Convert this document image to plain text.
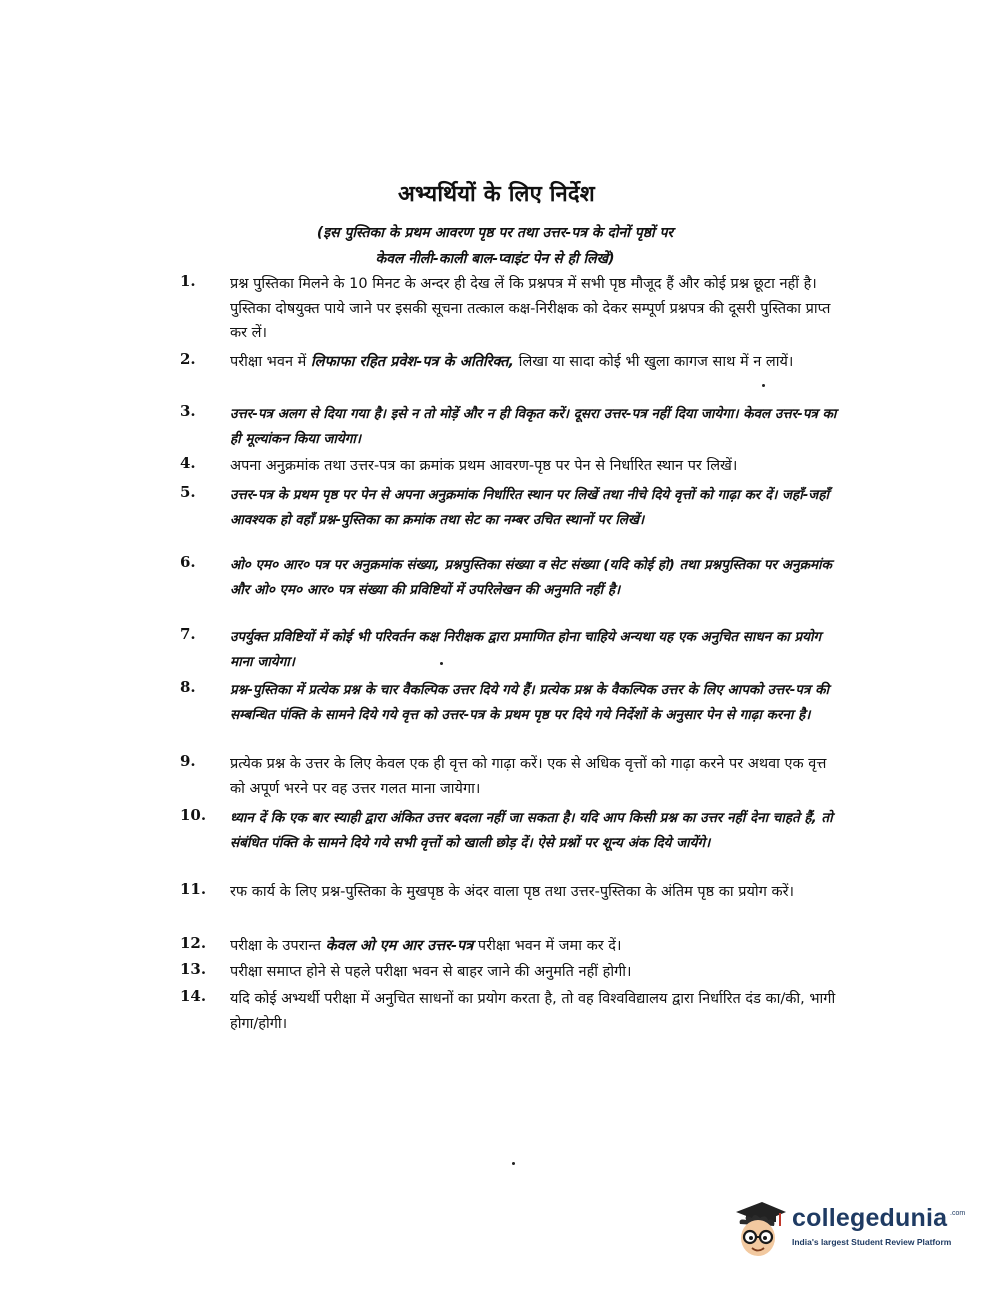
अभ्यर्थियों के लिए निर्देश
(इस पुस्तिका के प्रथम आवरण पृष्ठ पर तथा उत्तर-पत्र के दोनों पृष्ठों पर
केवल नीली-काली बाल-प्वाइंट पेन से ही लिखें)
1. प्रश्न पुस्तिका मिलने के 10 मिनट के अन्दर ही देख लें कि प्रश्नपत्र में सभी पृष्ठ मौजूद हैं और कोई प्रश्न छूटा नहीं है। पुस्तिका दोषयुक्त पाये जाने पर इसकी सूचना तत्काल कक्ष-निरीक्षक को देकर सम्पूर्ण प्रश्नपत्र की दूसरी पुस्तिका प्राप्त कर लें।
2. परीक्षा भवन में लिफाफा रहित प्रवेश-पत्र के अतिरिक्त, लिखा या सादा कोई भी खुला कागज साथ में न लायें।
3.	उत्तर-पत्र अलग से दिया गया है। इसे न तो मोड़ें और न ही विकृत करें। दूसरा उत्तर-पत्र नहीं दिया जायेगा। केवल उत्तर-पत्र का ही मूल्यांकन किया जायेगा।
4. अपना अनुक्रमांक तथा उत्तर-पत्र का क्रमांक प्रथम आवरण-पृष्ठ पर पेन से निर्धारित स्थान पर लिखें।
5.	उत्तर-पत्र के प्रथम पृष्ठ पर पेन से अपना अनुक्रमांक निर्धारित स्थान पर लिखें तथा नीचे दिये वृत्तों को गाढ़ा कर दें। जहाँ-जहाँ आवश्यक हो वहाँ प्रश्न-पुस्तिका का क्रमांक तथा सेट का नम्बर उचित स्थानों पर लिखें।
6.	ओ० एम० आर० पत्र पर अनुक्रमांक संख्या, प्रश्नपुस्तिका संख्या व सेट संख्या (यदि कोई हो) तथा प्रश्नपुस्तिका पर अनुक्रमांक और ओ० एम० आर० पत्र संख्या की प्रविष्टियों में उपरिलेखन की अनुमति नहीं है।
7.	उपर्युक्त प्रविष्टियों में कोई भी परिवर्तन कक्ष निरीक्षक द्वारा प्रमाणित होना चाहिये अन्यथा यह एक अनुचित साधन का प्रयोग माना जायेगा।
8.	प्रश्न-पुस्तिका में प्रत्येक प्रश्न के चार वैकल्पिक उत्तर दिये गये हैं। प्रत्येक प्रश्न के वैकल्पिक उत्तर के लिए आपको उत्तर-पत्र की सम्बन्धित पंक्ति के सामने दिये गये वृत्त को उत्तर-पत्र के प्रथम पृष्ठ पर दिये गये निर्देशों के अनुसार पेन से गाढ़ा करना है।
9. प्रत्येक प्रश्न के उत्तर के लिए केवल एक ही वृत्त को गाढ़ा करें। एक से अधिक वृत्तों को गाढ़ा करने पर अथवा एक वृत्त को अपूर्ण भरने पर वह उत्तर गलत माना जायेगा।
10. ध्यान दें कि एक बार स्याही द्वारा अंकित उत्तर बदला नहीं जा सकता है। यदि आप किसी प्रश्न का उत्तर नहीं देना चाहते हैं, तो संबंधित पंक्ति के सामने दिये गये सभी वृत्तों को खाली छोड़ दें। ऐसे प्रश्नों पर शून्य अंक दिये जायेंगे।
11. रफ कार्य के लिए प्रश्न-पुस्तिका के मुखपृष्ठ के अंदर वाला पृष्ठ तथा उत्तर-पुस्तिका के अंतिम पृष्ठ का प्रयोग करें।
12. परीक्षा के उपरान्त केवल ओ एम आर उत्तर-पत्र परीक्षा भवन में जमा कर दें।
13. परीक्षा समाप्त होने से पहले परीक्षा भवन से बाहर जाने की अनुमति नहीं होगी।
14. यदि कोई अभ्यर्थी परीक्षा में अनुचित साधनों का प्रयोग करता है, तो वह विश्वविद्यालय द्वारा निर्धारित दंड का/की, भागी होगा/होगी।
collegedunia .com
India's largest Student Review Platform
